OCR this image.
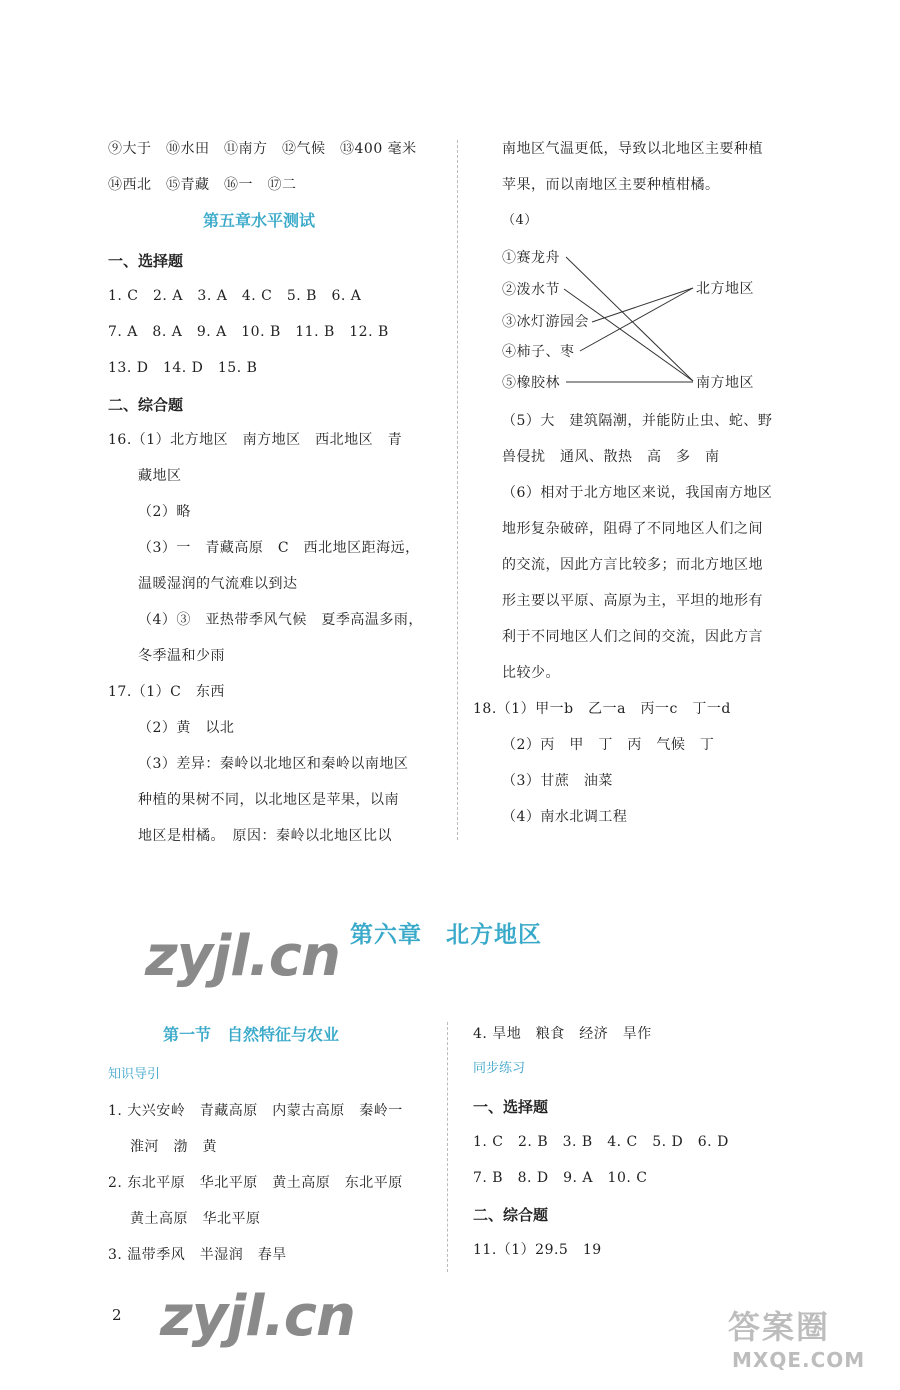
⑨大于　⑩水田　⑪南方　⑫气候　⑬400 毫米
⑭西北　⑮青藏　⑯一　⑰二
第五章水平测试
一、选择题
1. C　2. A　3. A　4. C　5. B　6. A
7. A　8. A　9. A　10. B　11. B　12. B
13. D　14. D　15. B
二、综合题
16.（1）北方地区　南方地区　西北地区　青
藏地区
（2）略
（3）一　青藏高原　C　西北地区距海远，
温暖湿润的气流难以到达
（4）③　亚热带季风气候　夏季高温多雨，
冬季温和少雨
17.（1）C　东西
（2）黄　以北
（3）差异：秦岭以北地区和秦岭以南地区
种植的果树不同，以北地区是苹果，以南
地区是柑橘。　原因：秦岭以北地区比以
南地区气温更低，导致以北地区主要种植
苹果，而以南地区主要种植柑橘。
（4）
①赛龙舟
②泼水节
③冰灯游园会
④柿子、枣
⑤橡胶林
北方地区
南方地区
（5）大　建筑隔潮，并能防止虫、蛇、野
兽侵扰　通风、散热　高　多　南
（6）相对于北方地区来说，我国南方地区
地形复杂破碎，阻碍了不同地区人们之间
的交流，因此方言比较多；而北方地区地
形主要以平原、高原为主，平坦的地形有
利于不同地区人们之间的交流，因此方言
比较少。
18.（1）甲一b　乙一a　丙一c　丁一d
（2）丙　甲　丁　丙　气候　丁
（3）甘蔗　油菜
（4）南水北调工程
zyjl.cn 第六章　北方地区
第一节　自然特征与农业
知识导引
1. 大兴安岭　青藏高原　内蒙古高原　秦岭一
淮河　渤　黄
2. 东北平原　华北平原　黄土高原　东北平原
黄土高原　华北平原
3. 温带季风　半湿润　春旱
4. 旱地　粮食　经济　旱作
同步练习
一、选择题
1. C　2. B　3. B　4. C　5. D　6. D
7. B　8. D　9. A　10. C
二、综合题
11.（1）29.5　19
2 zyjl.cn	答案圈
MXQE.COM
